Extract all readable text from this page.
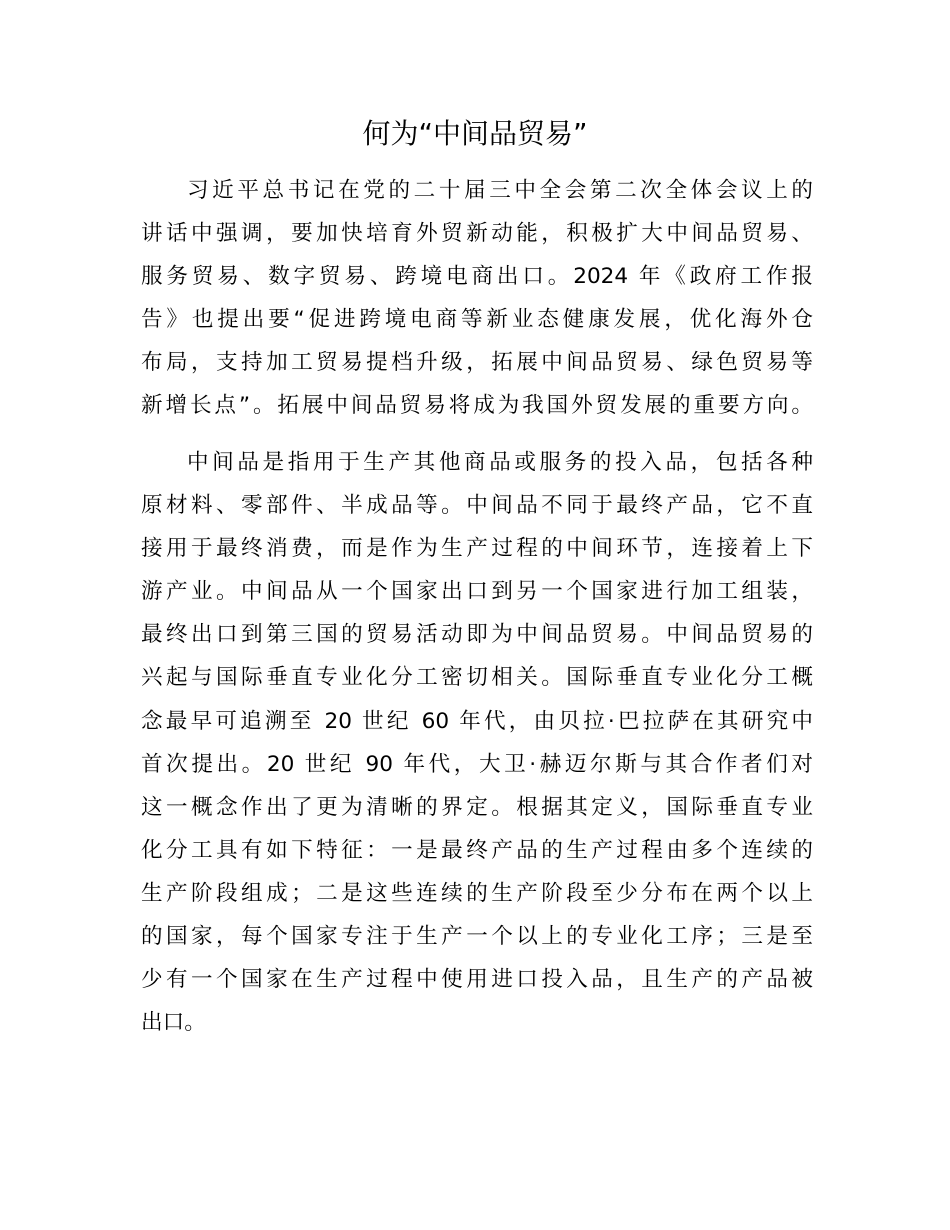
何为“中间品贸易”
习近平总书记在党的二十届三中全会第二次全体会议上的
讲话中强调，要加快培育外贸新动能，积极扩大中间品贸易、
服务贸易、数字贸易、跨境电商出口。2024 年《政府工作报
告》也提出要“促进跨境电商等新业态健康发展，优化海外仓
布局，支持加工贸易提档升级，拓展中间品贸易、绿色贸易等
新增长点”。拓展中间品贸易将成为我国外贸发展的重要方向。
中间品是指用于生产其他商品或服务的投入品，包括各种
原材料、零部件、半成品等。中间品不同于最终产品，它不直
接用于最终消费，而是作为生产过程的中间环节，连接着上下
游产业。中间品从一个国家出口到另一个国家进行加工组装，
最终出口到第三国的贸易活动即为中间品贸易。中间品贸易的
兴起与国际垂直专业化分工密切相关。国际垂直专业化分工概
念最早可追溯至 20 世纪 60 年代，由贝拉·巴拉萨在其研究中
首次提出。20 世纪 90 年代，大卫·赫迈尔斯与其合作者们对
这一概念作出了更为清晰的界定。根据其定义，国际垂直专业
化分工具有如下特征：一是最终产品的生产过程由多个连续的
生产阶段组成；二是这些连续的生产阶段至少分布在两个以上
的国家，每个国家专注于生产一个以上的专业化工序；三是至
少有一个国家在生产过程中使用进口投入品，且生产的产品被
出口。
